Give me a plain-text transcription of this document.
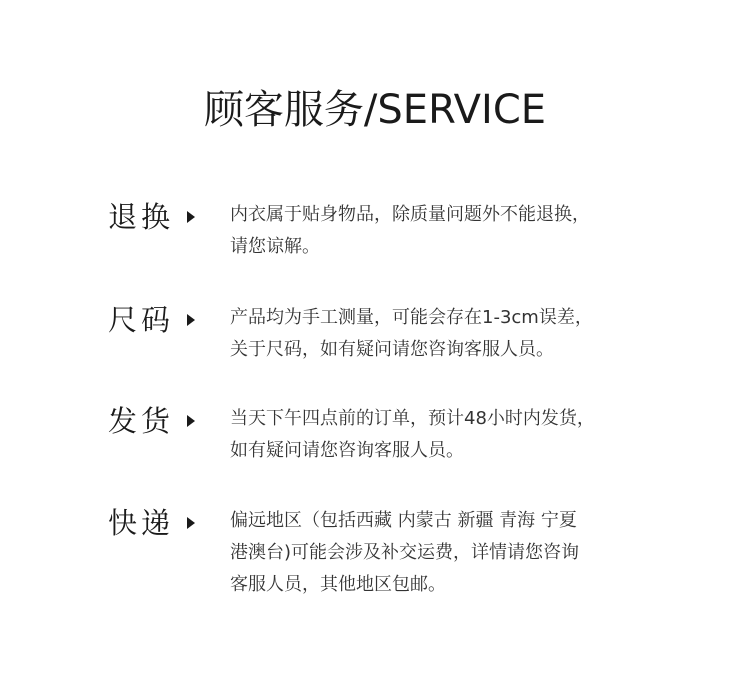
顾客服务/SERVICE
退换	内衣属于贴身物品，除质量问题外不能退换，
请您谅解。
尺码	产品均为手工测量，可能会存在1-3cm误差，
关于尺码，如有疑问请您咨询客服人员。
发货	当天下午四点前的订单，预计48小时内发货，
如有疑问请您咨询客服人员。
快递	偏远地区（包括西藏 内蒙古 新疆 青海 宁夏
港澳台)可能会涉及补交运费，详情请您咨询
客服人员，其他地区包邮。
